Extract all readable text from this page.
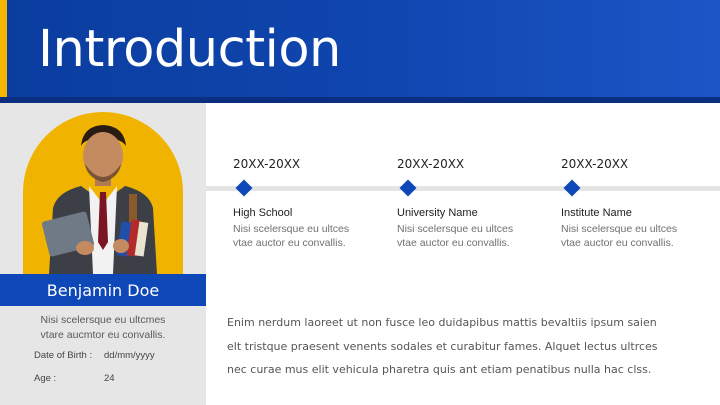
Introduction
Benjamin Doe
Nisi scelersque eu ultcmes
vtare aucmtor eu convallis.
Date of Birth : dd/mm/yyyy
Age :	24
20XX-20XX
High School
Nisi scelersque eu ultces
vtae auctor eu convallis.
20XX-20XX
University Name
Nisi scelersque eu ultces
vtae auctor eu convallis.
20XX-20XX
Institute Name
Nisi scelersque eu ultces
vtae auctor eu convallis.
Enim nerdum laoreet ut non fusce leo duidapibus mattis bevaltiis ipsum saien
elt tristque praesent venents sodales et curabitur fames. Alquet lectus ultrces
nec curae mus elit vehicula pharetra quis ant etiam penatibus nulla hac clss.
